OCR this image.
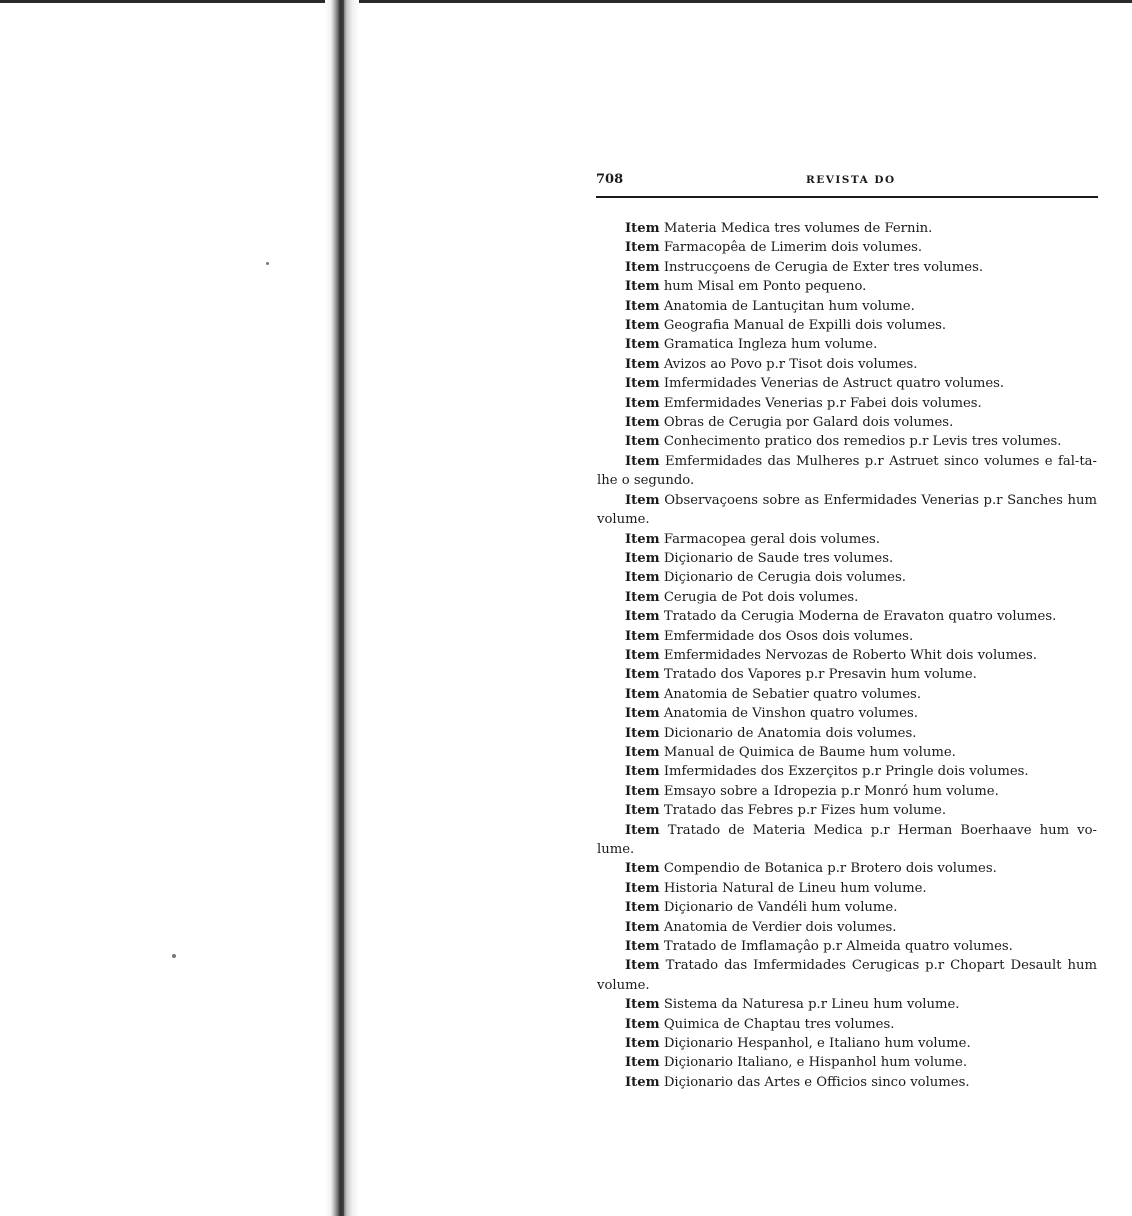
708	REVISTA DO

Item Materia Medica tres volumes de Fernin.

Item Farmacopêa de Limerim dois volumes.

Item Instrucçoens de Cerugia de Exter tres volumes.

Item hum Misal em Ponto pequeno.

Item Anatomia de Lantuçitan hum volume.

Item Geografia Manual de Expilli dois volumes.

Item Gramatica Ingleza hum volume.

Item Avizos ao Povo p.r Tisot dois volumes.

Item Imfermidades Venerias de Astruct quatro volumes.

Item Emfermidades Venerias p.r Fabei dois volumes.

Item Obras de Cerugia por Galard dois volumes.

Item Conhecimento pratico dos remedios p.r Levis tres volumes.

Item Emfermidades das Mulheres p.r Astruet sinco volumes e fal-ta-lhe o segundo.

Item Observaçoens sobre as Enfermidades Venerias p.r Sanches hum volume.

Item Farmacopea geral dois volumes.

Item Diçionario de Saude tres volumes.

Item Diçionario de Cerugia dois volumes.

Item Cerugia de Pot dois volumes.

Item Tratado da Cerugia Moderna de Eravaton quatro volumes.

Item Emfermidade dos Osos dois volumes.

Item Emfermidades Nervozas de Roberto Whit dois volumes.

Item Tratado dos Vapores p.r Presavin hum volume.

Item Anatomia de Sebatier quatro volumes.

Item Anatomia de Vinshon quatro volumes.

Item Dicionario de Anatomia dois volumes.

Item Manual de Quimica de Baume hum volume.

Item Imfermidades dos Exzerçitos p.r Pringle dois volumes.

Item Emsayo sobre a Idropezia p.r Monró hum volume.

Item Tratado das Febres p.r Fizes hum volume.

Item Tratado de Materia Medica p.r Herman Boerhaave hum vo-lume.

Item Compendio de Botanica p.r Brotero dois volumes.

Item Historia Natural de Lineu hum volume.

Item Diçionario de Vandéli hum volume.

Item Anatomia de Verdier dois volumes.

Item Tratado de Imflamaçâo p.r Almeida quatro volumes.

Item Tratado das Imfermidades Cerugicas p.r Chopart Desault hum volume.

Item Sistema da Naturesa p.r Lineu hum volume.

Item Quimica de Chaptau tres volumes.

Item Diçionario Hespanhol, e Italiano hum volume.

Item Diçionario Italiano, e Hispanhol hum volume.

Item Diçionario das Artes e Officios sinco volumes.
